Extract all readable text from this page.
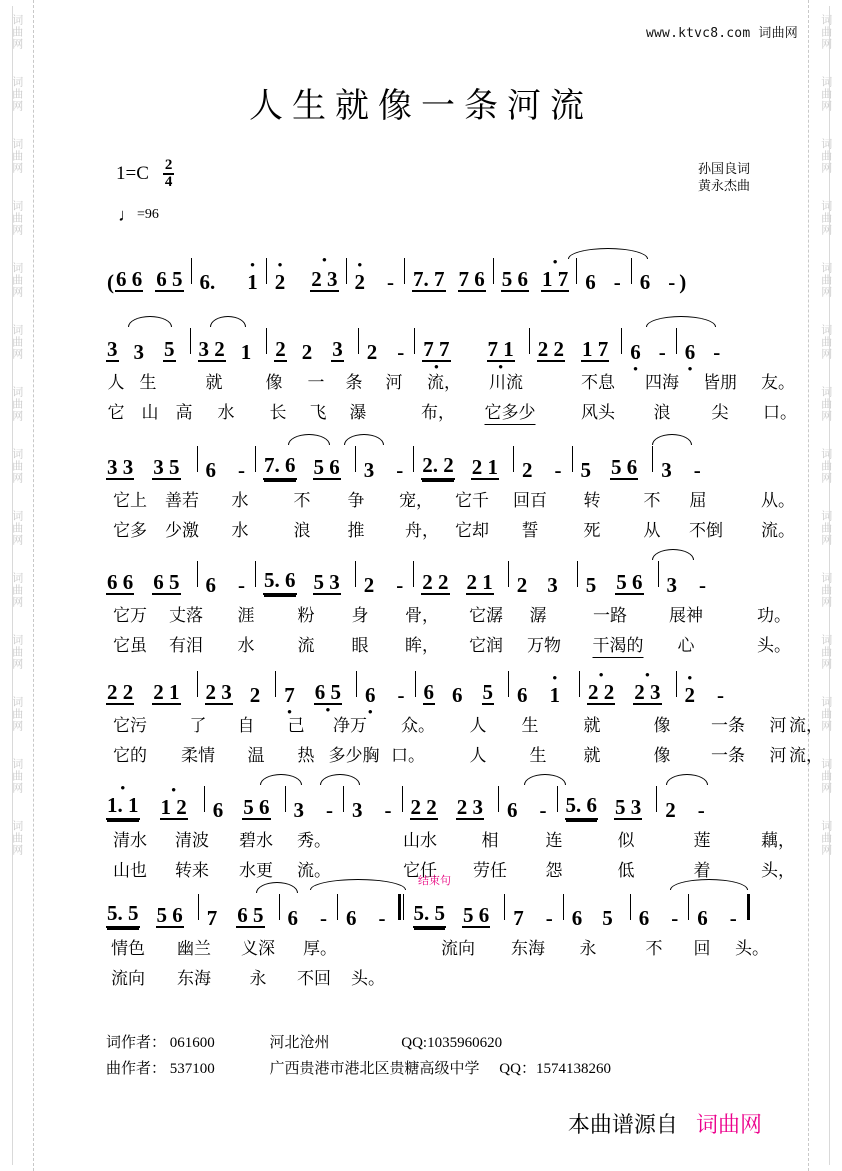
词曲网
词曲网
词曲网
词曲网
词曲网
词曲网
词曲网
词曲网
词曲网
词曲网
词曲网
词曲网
词曲网
词曲网
词曲网
词曲网
词曲网
词曲网
词曲网
词曲网
词曲网
词曲网
词曲网
词曲网
词曲网
词曲网
词曲网
词曲网
www.ktvc8.com 词曲网
人生就像一条河流
$1=C \frac{2}{4}$
♩ =96
孙国良词
黄永杰曲
( 6 6 6 5 6. • 1 • 2 • 2 3 • 2 - 7. 7 7 6 5 6 • 1 7 6 - 6 - )
3 3 5 3 2 1 2 2 3 2 - 7 7 • 7 1 • 2 2 1 7 6 • - 6 • -
人 生	就	像 一 条 河 流， 川流	不息 四海 皆朋 友。
它 山 高 水 长 飞 瀑	布， 它多少	风头 浪 尖 口。
3 3 3 5 6 - 7. 6 5 6 3 - 2. 2 2 1 2 - 5 5 6 3 -
它上 善若 水	不 争 宠， 它千 回百 转	不 屈	从。
它多 少激 水	浪 推 舟， 它却 誓	死	从 不倒 流。
6 6 6 5 6 - 5. 6 5 3 2 - 2 2 2 1 2 3 5 5 6 3 -
它万 丈落 涯	粉 身 骨， 它潺 潺	一路 展神	功。
它虽 有泪 水	流 眼 眸， 它润 万物 干渴的 心	头。
2 2 2 1 2 3 2 7 • 6 5 • 6 • - 6 6 5 6 • 1 • 2 2 • 2 3 • 2 -
它污	了 自 己 净万 众。 人 生	就	像 一条 河 流，
它的 柔情 温 热 多少胸 口。	人	生 就	像 一条 河 流，
• 1. 1 • 1 2 6 5 6 3 - 3 - 2 2 2 3 6 - 5. 6 5 3 2 -
清水 清波 碧水 秀。	山水	相	连	似	莲	藕，
山也 转来 水更 流。	它任 劳任 怨	低	着	头，
结束句
5. 5 5 6 7 6 5 6 - 6 - 5. 5 5 6 7 - 6 5 6 - 6 -
情色 幽兰 义深 厚。	流向 东海 永	不 回 头。
流向 东海 永 不回 头。
词作者： 061600	河北沧州	QQ:1035960620
曲作者： 537100	广西贵港市港北区贵糖高级中学 QQ：1574138260
本曲谱源自 词曲网
